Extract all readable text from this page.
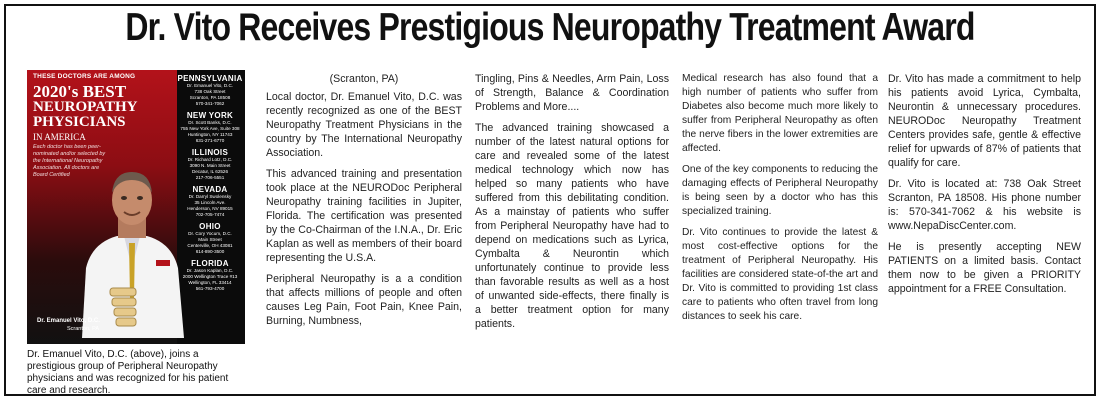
Dr. Vito Receives Prestigious Neuropathy Treatment Award
THESE DOCTORS ARE AMONG
2020's BEST
NEUROPATHY PHYSICIANS
IN AMERICA
Each doctor has been peer-nominated and/or selected by the International Neuropathy Association. All doctors are Board Certified
Dr. Emanuel Vito, D.C.
Scranton, PA
PENNSYLVANIA
Dr. Emanuel Vito, D.C.
738 Oak Street
Scranton, PA 18508
570-341-7062
NEW YORK
Dr. Scott Banks, D.C.
755 New York Ave, Suite 308
Huntington, NY 11743
631-271-6770
ILLINOIS
Dr. Richard Lotz, D.C.
3090 N. Main Street
Decatur, IL 62526
217-706-5551
NEVADA
Dr. Darryl Swolensky
35 Lincoln Ave.
Henderson, NV 89015
702-705-7474
OHIO
Dr. Cory Yocum, D.C.
Main Street
Centerville, OH 43081
614-890-3500
FLORIDA
Dr. Jason Kaplan, D.C.
2000 Wellington Trace #13
Wellington, FL 33414
561-793-4700
Dr. Emanuel Vito, D.C. (above), joins a prestigious group of Peripheral Neuropathy physicians and was recognized for his patient care and research.

(Scranton, PA)

Local doctor, Dr. Emanuel Vito, D.C. was recently recognized as one of the BEST Neuropathy Treatment Physicians in the country by The International Neuropathy Association.

This advanced training and presentation took place at the NEURODoc Peripheral Neuropathy training facilities in Jupiter, Florida. The certification was presented by the Co-Chairman of the I.N.A., Dr. Eric Kaplan as well as members of their board representing the U.S.A.

Peripheral Neuropathy is a a condition that affects millions of people and often causes Leg Pain, Foot Pain, Knee Pain, Burning, Numbness,

Tingling, Pins & Needles, Arm Pain, Loss of Strength, Balance & Coordination Problems and More....

The advanced training showcased a number of the latest natural options for care and revealed some of the latest medical technology which now has helped so many patients who have suffered from this debilitating condition. As a mainstay of patients who suffer from Peripheral Neuropathy have had to depend on medications such as Lyrica, Cymbalta & Neurontin which unfortunately continue to provide less than favorable results as well as a host of unwanted side-effects, there finally is a better treatment option for many patients.

Medical research has also found that a high number of patients who suffer from Diabetes also become much more likely to suffer from Peripheral Neuropathy as often the nerve fibers in the lower extremities are affected.

One of the key components to reducing the damaging effects of Peripheral Neuropathy is being seen by a doctor who has this specialized training.

Dr. Vito continues to provide the latest & most cost-effective options for the treatment of Peripheral Neuropathy. His facilities are considered state-of-the art and Dr. Vito is committed to providing 1st class care to patients who often travel from long distances to seek his care.

Dr. Vito has made a commitment to help his patients avoid Lyrica, Cymbalta, Neurontin & unnecessary procedures. NEURODoc Neuropathy Treatment Centers provides safe, gentle & effective relief for upwards of 87% of patients that qualify for care.

Dr. Vito is located at: 738 Oak Street Scranton, PA 18508. His phone number is: 570-341-7062 & his website is www.NepaDiscCenter.com.

He is presently accepting NEW PATIENTS on a limited basis. Contact them now to be given a PRIORITY appointment for a FREE Consultation.
